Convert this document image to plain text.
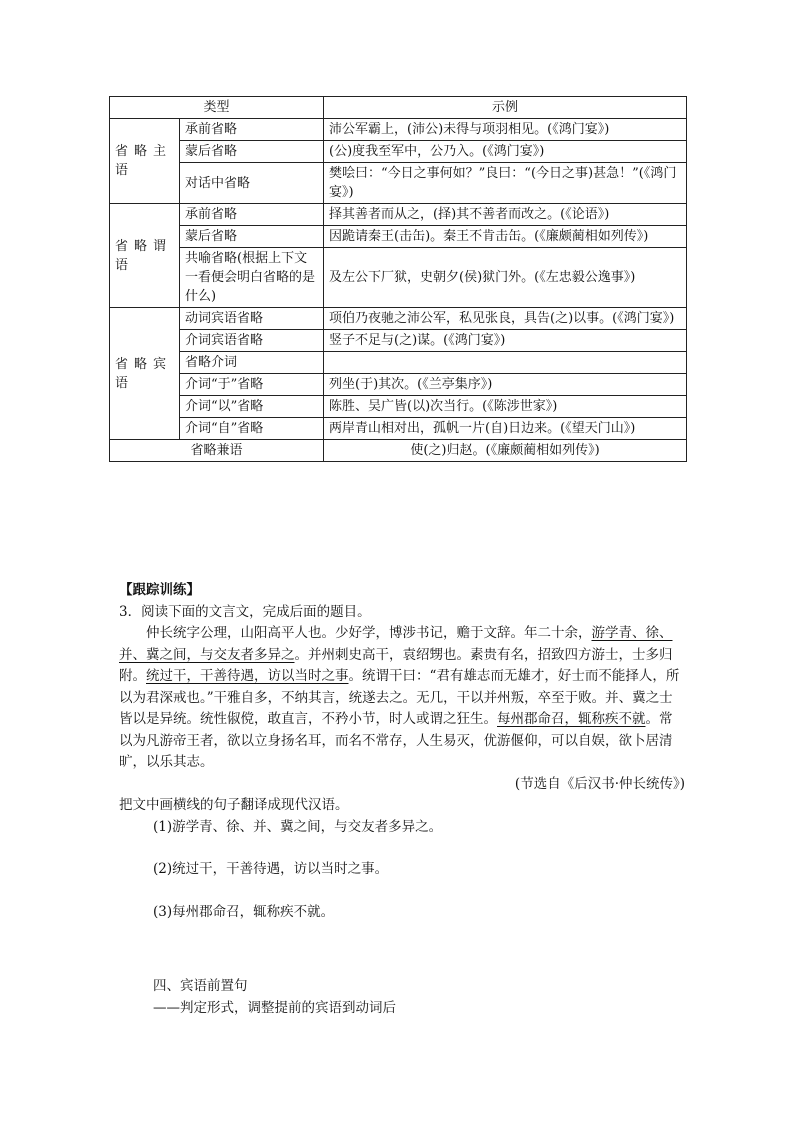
类型		示例
省略主语	承前省略	沛公军霸上，(沛公)未得与项羽相见。(《鸿门宴》)
	蒙后省略	(公)度我至军中，公乃入。(《鸿门宴》)
	对话中省略	樊哙曰：“今日之事何如？”良曰：“(今日之事)甚急！”(《鸿门宴》)
省略谓语	承前省略	择其善者而从之，(择)其不善者而改之。(《论语》)
	蒙后省略	因跪请秦王(击缶)。秦王不肯击缶。(《廉颇蔺相如列传》)
	共喻省略(根据上下文一看便会明白省略的是什么)	及左公下厂狱，史朝夕(侯)狱门外。(《左忠毅公逸事》)
省略宾语	动词宾语省略	项伯乃夜驰之沛公军，私见张良，具告(之)以事。(《鸿门宴》)
	介词宾语省略	竖子不足与(之)谋。(《鸿门宴》)
	省略介词	
	介词“于”省略	列坐(于)其次。(《兰亭集序》)
	介词“以”省略	陈胜、吴广皆(以)次当行。(《陈涉世家》)
	介词“自”省略	两岸青山相对出，孤帆一片(自)日边来。(《望天门山》)
省略兼语		使(之)归赵。(《廉颇蔺相如列传》)
【跟踪训练】
3．阅读下面的文言文，完成后面的题目。
仲长统字公理，山阳高平人也。少好学，博涉书记，赡于文辞。年二十余，游学青、徐、并、冀之间，与交友者多异之。并州刺史高干，袁绍甥也。素贵有名，招致四方游士，士多归附。统过干，干善待遇，访以当时之事。统谓干曰：“君有雄志而无雄才，好士而不能择人，所以为君深戒也。”干雅自多，不纳其言，统遂去之。无几，干以并州叛，卒至于败。并、冀之士皆以是异统。统性俶傥，敢直言，不矜小节，时人或谓之狂生。每州郡命召，辄称疾不就。常以为凡游帝王者，欲以立身扬名耳，而名不常存，人生易灭，优游偃仰，可以自娱，欲卜居清旷，以乐其志。
(节选自《后汉书·仲长统传》)
把文中画横线的句子翻译成现代汉语。
(1)游学青、徐、并、冀之间，与交友者多异之。
(2)统过干，干善待遇，访以当时之事。
(3)每州郡命召，辄称疾不就。
四、宾语前置句
——判定形式，调整提前的宾语到动词后
